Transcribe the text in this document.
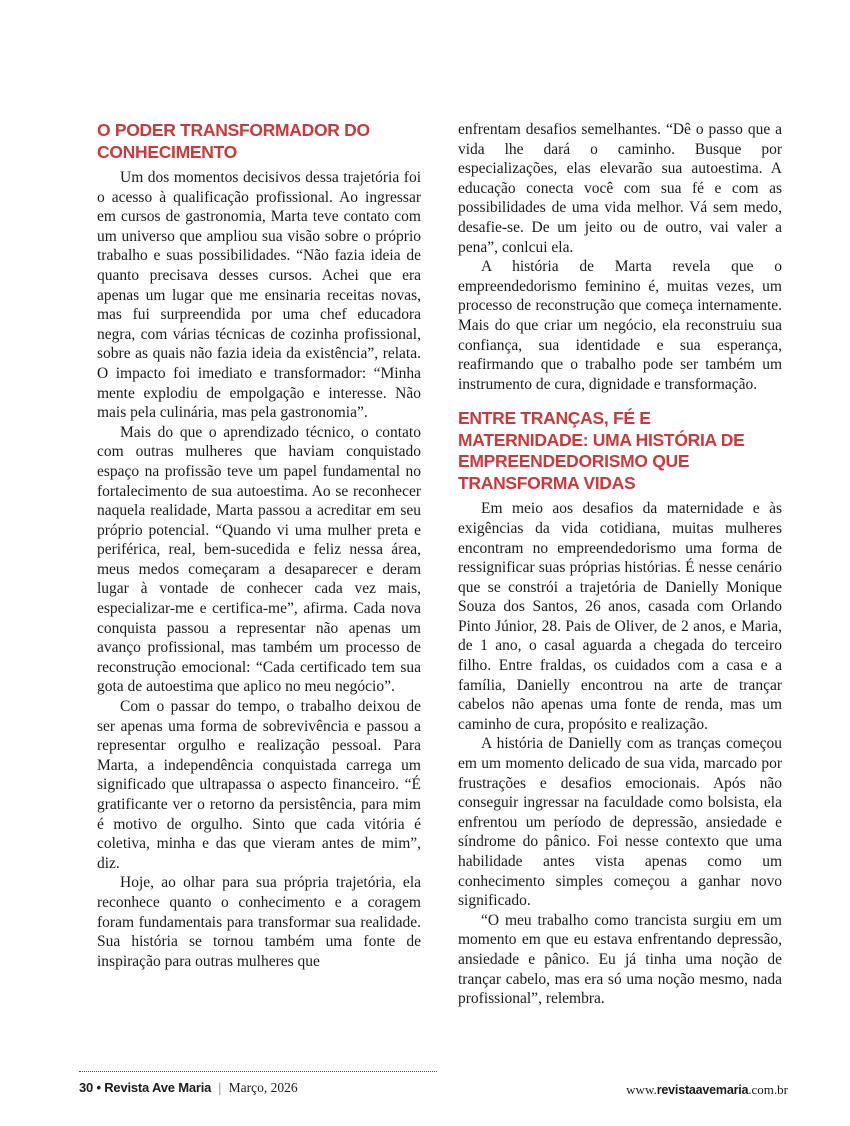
O PODER TRANSFORMADOR DO CONHECIMENTO

Um dos momentos decisivos dessa trajetória foi o acesso à qualificação profissional. Ao ingressar em cursos de gastronomia, Marta teve contato com um universo que ampliou sua visão sobre o próprio trabalho e suas possibilidades. “Não fazia ideia de quanto precisava desses cursos. Achei que era apenas um lugar que me ensinaria receitas novas, mas fui surpreendida por uma chef educadora negra, com várias técnicas de cozinha profissional, sobre as quais não fazia ideia da existência”, relata. O impacto foi imediato e transformador: “Minha mente explodiu de empolgação e interesse. Não mais pela culinária, mas pela gastronomia”.

Mais do que o aprendizado técnico, o contato com outras mulheres que haviam conquistado espaço na profissão teve um papel fundamental no fortalecimento de sua autoestima. Ao se reconhecer naquela realidade, Marta passou a acreditar em seu próprio potencial. “Quando vi uma mulher preta e periférica, real, bem-sucedida e feliz nessa área, meus medos começaram a desaparecer e deram lugar à vontade de conhecer cada vez mais, especializar-me e certifica-me”, afirma. Cada nova conquista passou a representar não apenas um avanço profissional, mas também um processo de reconstrução emocional: “Cada certificado tem sua gota de autoestima que aplico no meu negócio”.

Com o passar do tempo, o trabalho deixou de ser apenas uma forma de sobrevivência e passou a representar orgulho e realização pessoal. Para Marta, a independência conquistada carrega um significado que ultrapassa o aspecto financeiro. “É gratificante ver o retorno da persistência, para mim é motivo de orgulho. Sinto que cada vitória é coletiva, minha e das que vieram antes de mim”, diz.

Hoje, ao olhar para sua própria trajetória, ela reconhece quanto o conhecimento e a coragem foram fundamentais para transformar sua realidade. Sua história se tornou também uma fonte de inspiração para outras mulheres que

enfrentam desafios semelhantes. “Dê o passo que a vida lhe dará o caminho. Busque por especializações, elas elevarão sua autoestima. A educação conecta você com sua fé e com as possibilidades de uma vida melhor. Vá sem medo, desafie-se. De um jeito ou de outro, vai valer a pena”, conlcui ela.

A história de Marta revela que o empreendedorismo feminino é, muitas vezes, um processo de reconstrução que começa internamente. Mais do que criar um negócio, ela reconstruiu sua confiança, sua identidade e sua esperança, reafirmando que o trabalho pode ser também um instrumento de cura, dignidade e transformação.

ENTRE TRANÇAS, FÉ E MATERNIDADE: UMA HISTÓRIA DE EMPREENDEDORISMO QUE TRANSFORMA VIDAS

Em meio aos desafios da maternidade e às exigências da vida cotidiana, muitas mulheres encontram no empreendedorismo uma forma de ressignificar suas próprias histórias. É nesse cenário que se constrói a trajetória de Danielly Monique Souza dos Santos, 26 anos, casada com Orlando Pinto Júnior, 28. Pais de Oliver, de 2 anos, e Maria, de 1 ano, o casal aguarda a chegada do terceiro filho. Entre fraldas, os cuidados com a casa e a família, Danielly encontrou na arte de trançar cabelos não apenas uma fonte de renda, mas um caminho de cura, propósito e realização.

A história de Danielly com as tranças começou em um momento delicado de sua vida, marcado por frustrações e desafios emocionais. Após não conseguir ingressar na faculdade como bolsista, ela enfrentou um período de depressão, ansiedade e síndrome do pânico. Foi nesse contexto que uma habilidade antes vista apenas como um conhecimento simples começou a ganhar novo significado.

“O meu trabalho como trancista surgiu em um momento em que eu estava enfrentando depressão, ansiedade e pânico. Eu já tinha uma noção de trançar cabelo, mas era só uma noção mesmo, nada profissional”, relembra.

30 • Revista Ave Maria | Março, 2026	www.revistaavemaria.com.br
